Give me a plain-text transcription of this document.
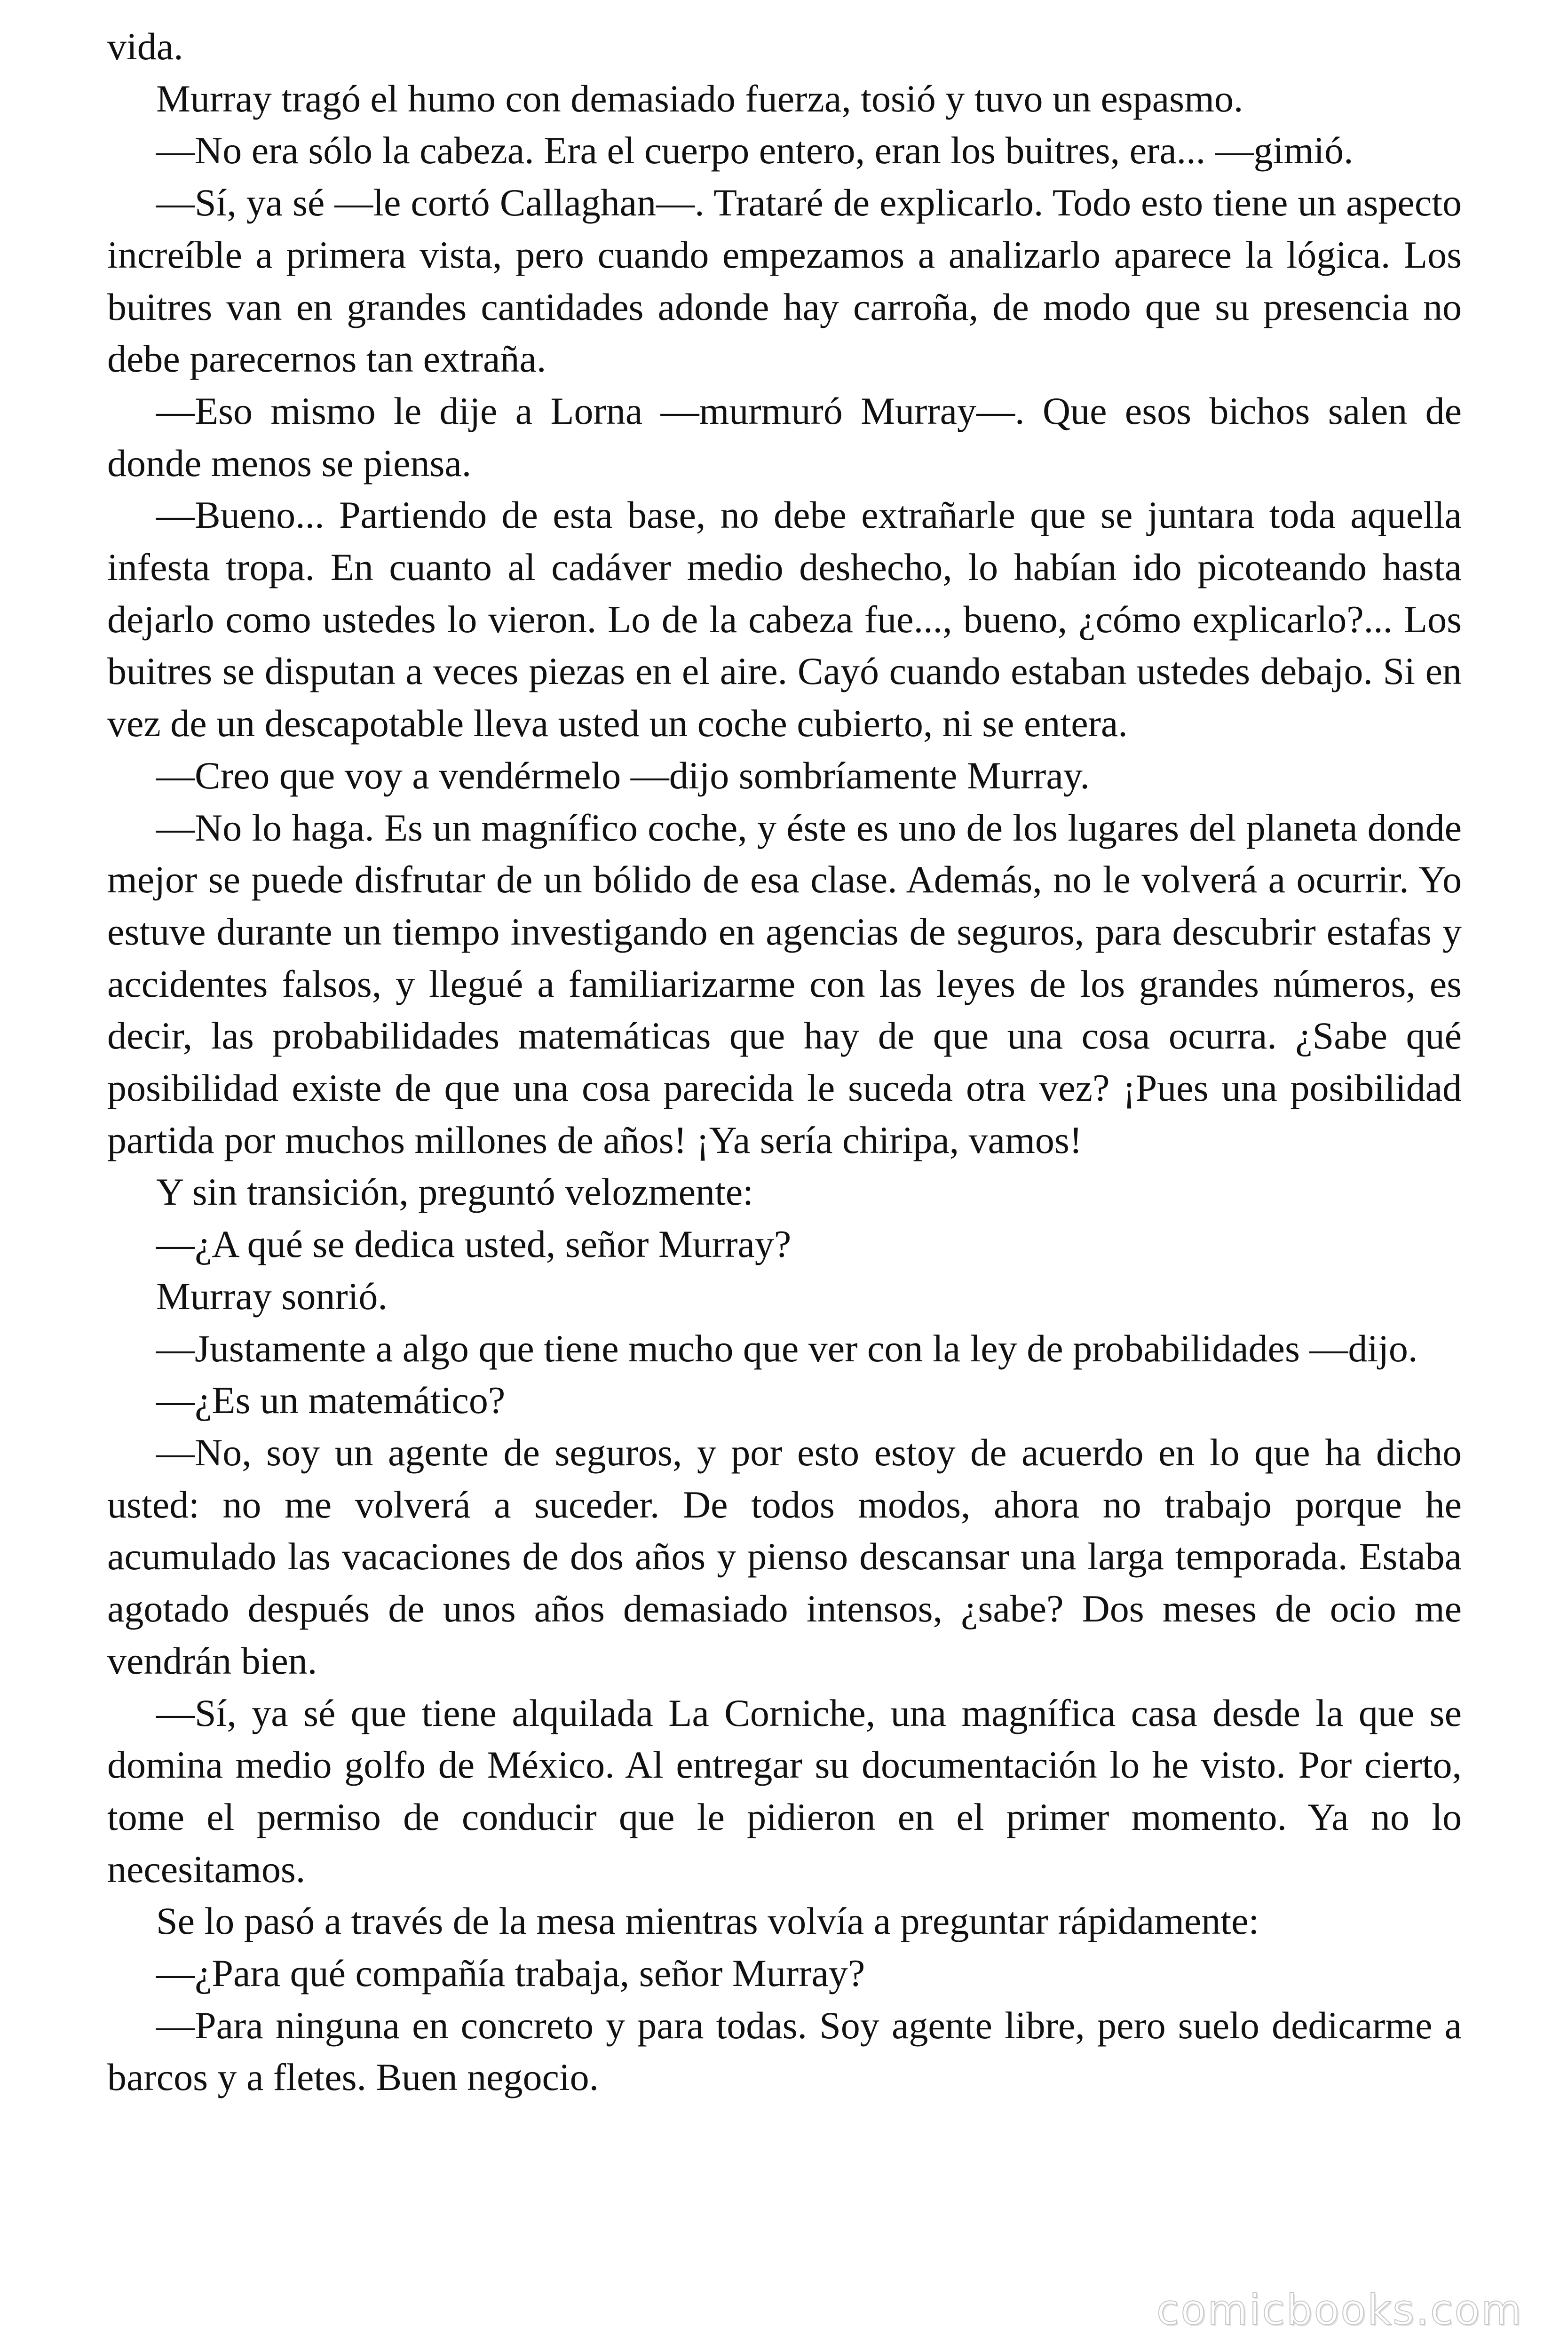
vida.

Murray tragó el humo con demasiado fuerza, tosió y tuvo un espasmo.

—No era sólo la cabeza. Era el cuerpo entero, eran los buitres, era... —gimió.

—Sí, ya sé —le cortó Callaghan—. Trataré de explicarlo. Todo esto tiene un aspecto increíble a primera vista, pero cuando empezamos a analizarlo aparece la lógica. Los buitres van en grandes cantidades adonde hay carroña, de modo que su presencia no debe parecernos tan extraña.

—Eso mismo le dije a Lorna —murmuró Murray—. Que esos bichos salen de donde menos se piensa.

—Bueno... Partiendo de esta base, no debe extrañarle que se juntara toda aquella infesta tropa. En cuanto al cadáver medio deshecho, lo habían ido picoteando hasta dejarlo como ustedes lo vieron. Lo de la cabeza fue..., bueno, ¿cómo explicarlo?... Los buitres se disputan a veces piezas en el aire. Cayó cuando estaban ustedes debajo. Si en vez de un descapotable lleva usted un coche cubierto, ni se entera.

—Creo que voy a vendérmelo —dijo sombríamente Murray.

—No lo haga. Es un magnífico coche, y éste es uno de los lugares del planeta donde mejor se puede disfrutar de un bólido de esa clase. Además, no le volverá a ocurrir. Yo estuve durante un tiempo investigando en agencias de seguros, para descubrir estafas y accidentes falsos, y llegué a familiarizarme con las leyes de los grandes números, es decir, las probabilidades matemáticas que hay de que una cosa ocurra. ¿Sabe qué posibilidad existe de que una cosa parecida le suceda otra vez? ¡Pues una posibilidad partida por muchos millones de años! ¡Ya sería chiripa, vamos!

Y sin transición, preguntó velozmente:

—¿A qué se dedica usted, señor Murray?

Murray sonrió.

—Justamente a algo que tiene mucho que ver con la ley de probabilidades —dijo.

—¿Es un matemático?

—No, soy un agente de seguros, y por esto estoy de acuerdo en lo que ha dicho usted: no me volverá a suceder. De todos modos, ahora no trabajo porque he acumulado las vacaciones de dos años y pienso descansar una larga temporada. Estaba agotado después de unos años demasiado intensos, ¿sabe? Dos meses de ocio me vendrán bien.

—Sí, ya sé que tiene alquilada La Corniche, una magnífica casa desde la que se domina medio golfo de México. Al entregar su documentación lo he visto. Por cierto, tome el permiso de conducir que le pidieron en el primer momento. Ya no lo necesitamos.

Se lo pasó a través de la mesa mientras volvía a preguntar rápidamente:

—¿Para qué compañía trabaja, señor Murray?

—Para ninguna en concreto y para todas. Soy agente libre, pero suelo dedicarme a barcos y a fletes. Buen negocio.

comicbooks.com
